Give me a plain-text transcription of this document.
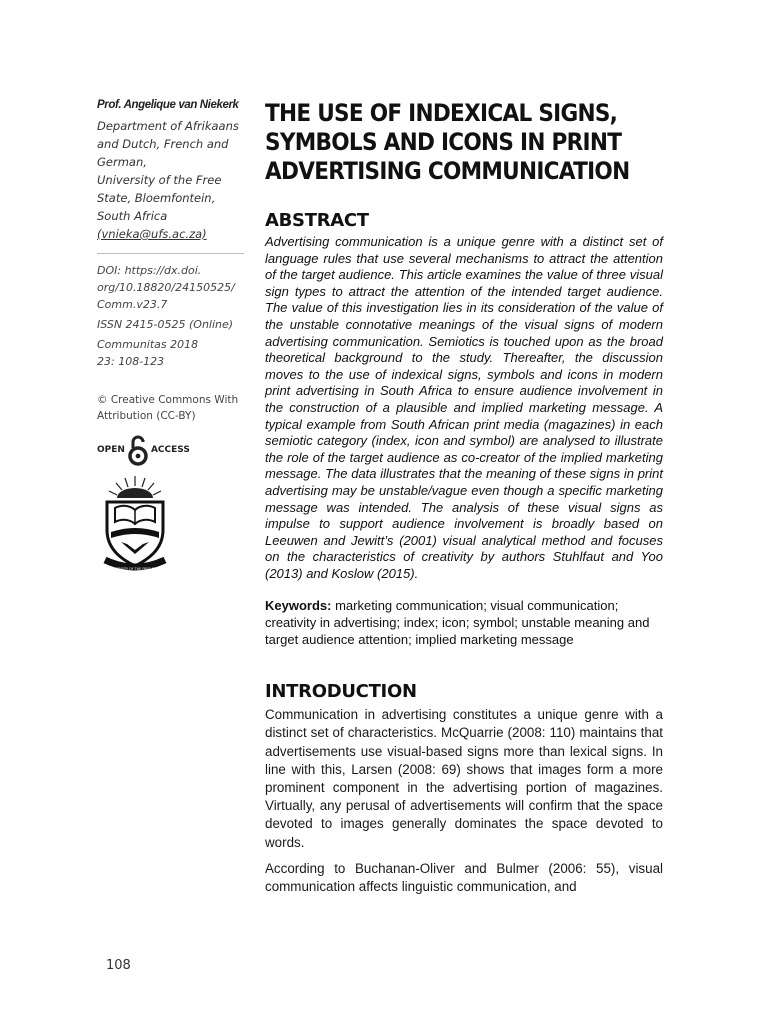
Prof. Angelique van Niekerk

Department of Afrikaans
and Dutch, French and
German,
University of the Free
State, Bloemfontein,
South Africa
(vnieka@ufs.ac.za)

DOI: https://dx.doi.
org/10.18820/24150525/
Comm.v23.7

ISSN 2415-0525 (Online)

Communitas 2018
23: 108-123

© Creative Commons With
Attribution (CC-BY)
OPEN	ACCESS
UNIVERSITY OF THE FREE STATE
THE USE OF INDEXICAL SIGNS,
SYMBOLS AND ICONS IN PRINT
ADVERTISING COMMUNICATION
ABSTRACT

Advertising communication is a unique genre with a distinct set of language rules that use several mechanisms to attract the attention of the target audience. This article examines the value of three visual sign types to attract the attention of the intended target audience. The value of this investigation lies in its consideration of the value of the unstable connotative meanings of the visual signs of modern advertising communication. Semiotics is touched upon as the broad theoretical background to the study. Thereafter, the discussion moves to the use of indexical signs, symbols and icons in modern print advertising in South Africa to ensure audience involvement in the construction of a plausible and implied marketing message. A typical example from South African print media (magazines) in each semiotic category (index, icon and symbol) are analysed to illustrate the role of the target audience as co-creator of the implied marketing message. The data illustrates that the meaning of these signs in print advertising may be unstable/vague even though a specific marketing message was intended. The analysis of these visual signs as impulse to support audience involvement is broadly based on Leeuwen and Jewitt’s (2001) visual analytical method and focuses on the characteristics of creativity by authors Stuhlfaut and Yoo (2013) and Koslow (2015).

Keywords: marketing communication; visual communication; creativity in advertising; index; icon; symbol; unstable meaning and target audience attention; implied marketing message

INTRODUCTION

Communication in advertising constitutes a unique genre with a distinct set of characteristics. McQuarrie (2008: 110) maintains that advertisements use visual-based signs more than lexical signs. In line with this, Larsen (2008: 69) shows that images form a more prominent component in the advertising portion of magazines. Virtually, any perusal of advertisements will confirm that the space devoted to images generally dominates the space devoted to words.

According to Buchanan-Oliver and Bulmer (2006: 55), visual communication affects linguistic communication, and

108
